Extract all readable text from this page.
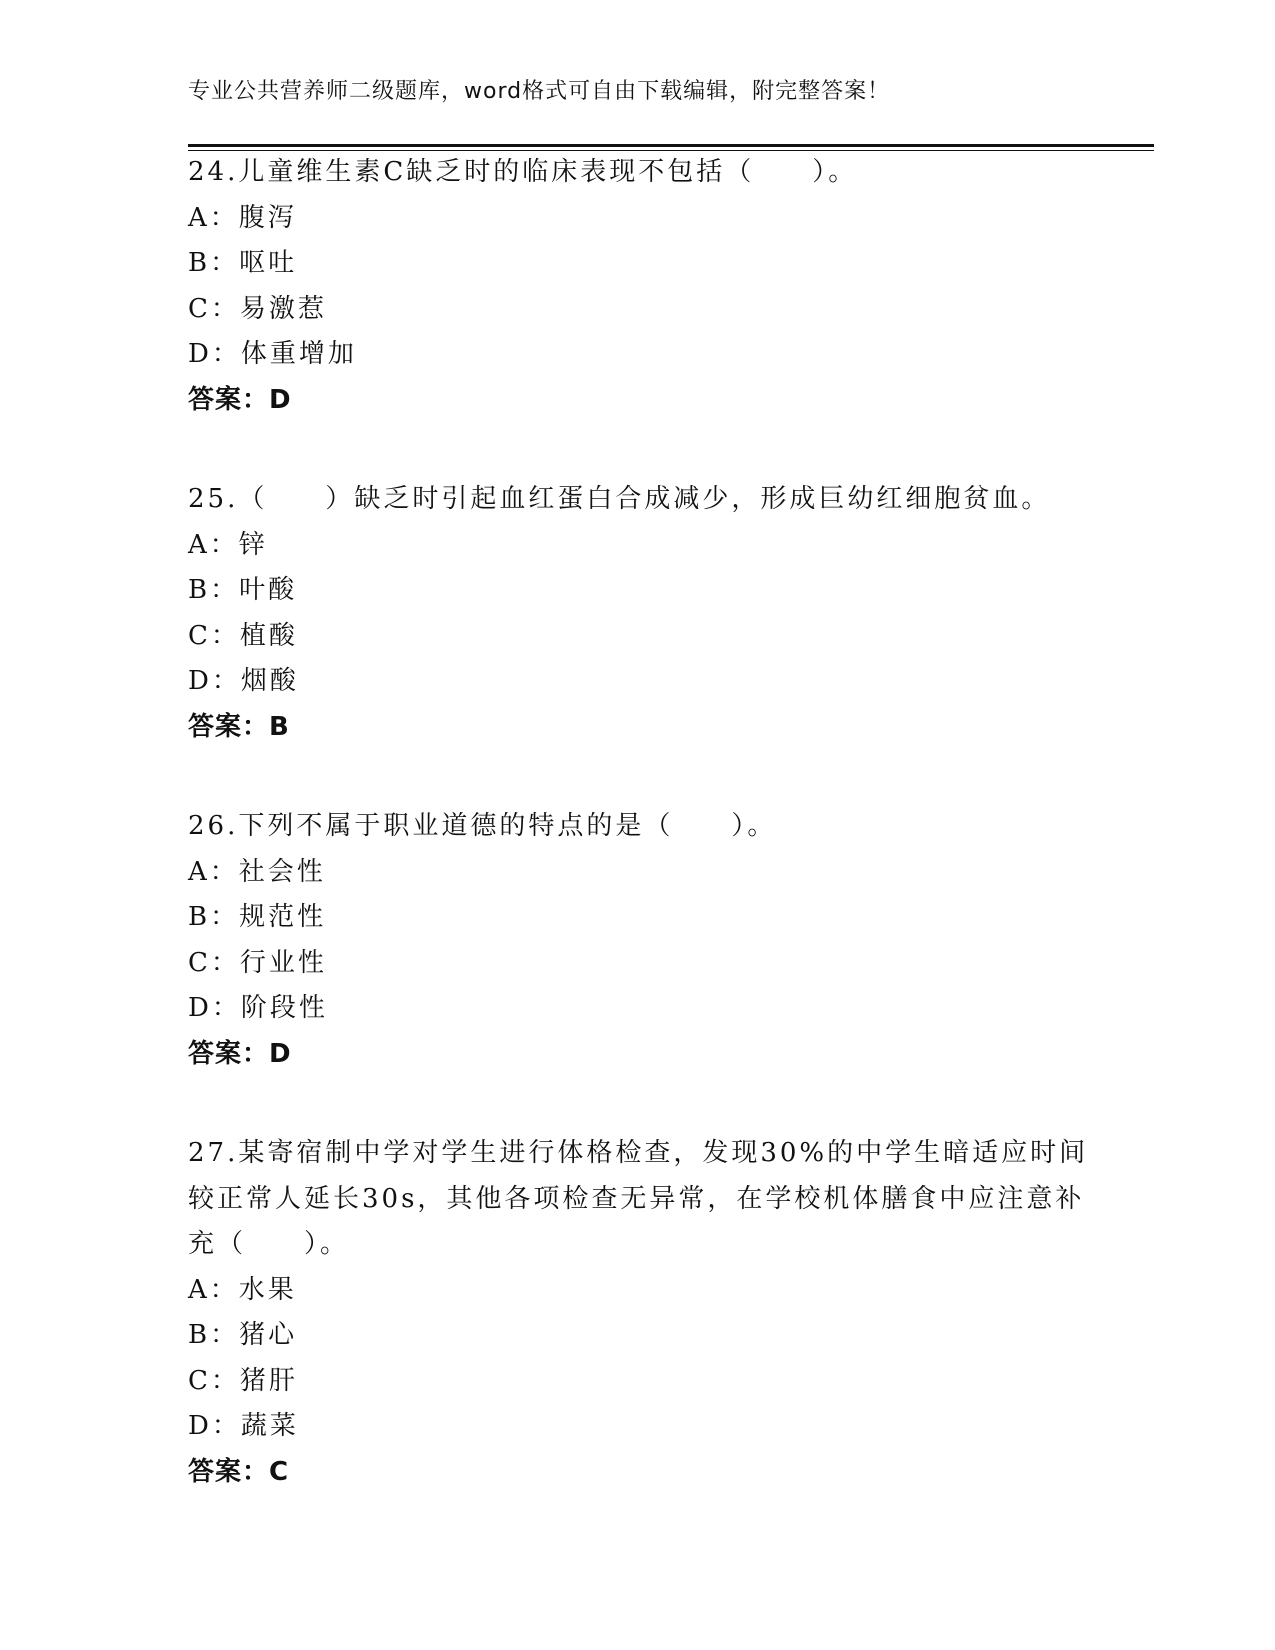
专业公共营养师二级题库，word格式可自由下载编辑，附完整答案！
24.儿童维生素C缺乏时的临床表现不包括（　　）。
A：腹泻
B：呕吐
C：易激惹
D：体重增加
答案：D
25.（　　）缺乏时引起血红蛋白合成减少，形成巨幼红细胞贫血。
A：锌
B：叶酸
C：植酸
D：烟酸
答案：B
26.下列不属于职业道德的特点的是（　　）。
A：社会性
B：规范性
C：行业性
D：阶段性
答案：D
27.某寄宿制中学对学生进行体格检查，发现30%的中学生暗适应时间
较正常人延长30s，其他各项检查无异常，在学校机体膳食中应注意补
充（　　）。
A：水果
B：猪心
C：猪肝
D：蔬菜
答案：C
